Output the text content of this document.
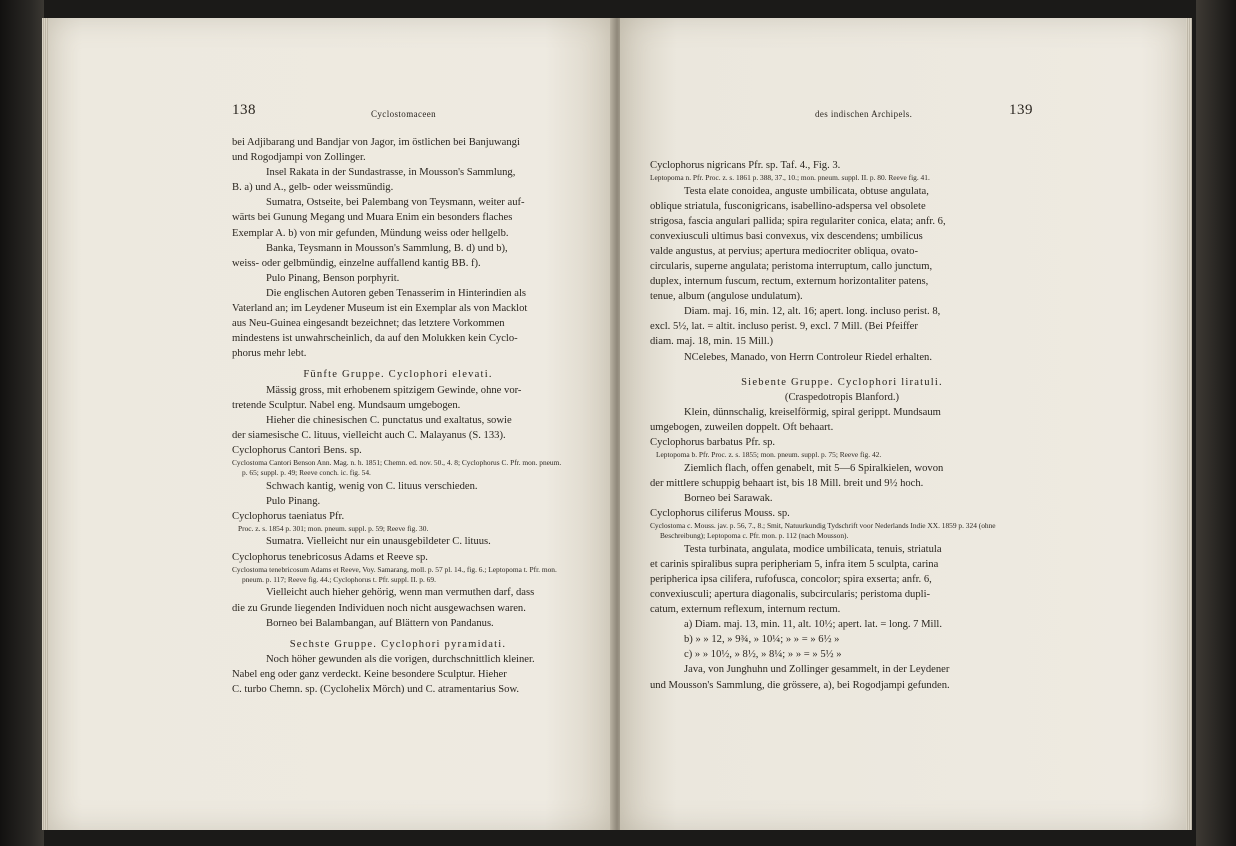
138	Cyclostomaceen

bei Adjibarang und Bandjar von Jagor, im östlichen bei Banjuwangi

und Rogodjampi von Zollinger.

Insel Rakata in der Sundastrasse, in Mousson's Sammlung,

B. a) und A., gelb- oder weissmündig.

Sumatra, Ostseite, bei Palembang von Teysmann, weiter auf-

wärts bei Gunung Megang und Muara Enim ein besonders flaches

Exemplar A. b) von mir gefunden, Mündung weiss oder hellgelb.

Banka, Teysmann in Mousson's Sammlung, B. d) und b),

weiss- oder gelbmündig, einzelne auffallend kantig BB. f).

Pulo Pinang, Benson porphyrit.

Die englischen Autoren geben Tenasserim in Hinterindien als

Vaterland an; im Leydener Museum ist ein Exemplar als von Macklot

aus Neu-Guinea eingesandt bezeichnet; das letztere Vorkommen

mindestens ist unwahrscheinlich, da auf den Molukken kein Cyclo-

phorus mehr lebt.

Fünfte Gruppe. Cyclophori elevati.

Mässig gross, mit erhobenem spitzigem Gewinde, ohne vor-

tretende Sculptur. Nabel eng. Mundsaum umgebogen.

Hieher die chinesischen C. punctatus und exaltatus, sowie

der siamesische C. lituus, vielleicht auch C. Malayanus (S. 133).

Cyclophorus Cantori Bens. sp.

Cyclostoma Cantori Benson Ann. Mag. n. h. 1851; Chemn. ed. nov. 50., 4. 8; Cyclophorus C. Pfr. mon. pneum. p. 65; suppl. p. 49; Reeve conch. ic. fig. 54.

Schwach kantig, wenig von C. lituus verschieden.

Pulo Pinang.

Cyclophorus taeniatus Pfr.

Proc. z. s. 1854 p. 301; mon. pneum. suppl. p. 59; Reeve fig. 30.

Sumatra. Vielleicht nur ein unausgebildeter C. lituus.

Cyclophorus tenebricosus Adams et Reeve sp.

Cyclostoma tenebricosum Adams et Reeve, Voy. Samarang, moll. p. 57 pl. 14., fig. 6.; Leptopoma t. Pfr. mon. pneum. p. 117; Reeve fig. 44.; Cyclophorus t. Pfr. suppl. II. p. 69.

Vielleicht auch hieher gehörig, wenn man vermuthen darf, dass

die zu Grunde liegenden Individuen noch nicht ausgewachsen waren.

Borneo bei Balambangan, auf Blättern von Pandanus.

Sechste Gruppe. Cyclophori pyramidati.

Noch höher gewunden als die vorigen, durchschnittlich kleiner.

Nabel eng oder ganz verdeckt. Keine besondere Sculptur. Hieher

C. turbo Chemn. sp. (Cyclohelix Mörch) und C. atramentarius Sow.

des indischen Archipels.	139

Cyclophorus nigricans Pfr. sp. Taf. 4., Fig. 3.

Leptopoma n. Pfr. Proc. z. s. 1861 p. 388, 37., 10.; mon. pneum. suppl. II. p. 80. Reeve fig. 41.

Testa elate conoidea, anguste umbilicata, obtuse angulata,

oblique striatula, fusconigricans, isabellino-adspersa vel obsolete

strigosa, fascia angulari pallida; spira regulariter conica, elata; anfr. 6,

convexiusculi ultimus basi convexus, vix descendens; umbilicus

valde angustus, at pervius; apertura mediocriter obliqua, ovato-

circularis, superne angulata; peristoma interruptum, callo junctum,

duplex, internum fuscum, rectum, externum horizontaliter patens,

tenue, album (angulose undulatum).

Diam. maj. 16, min. 12, alt. 16; apert. long. incluso perist. 8,

excl. 5½, lat. = altit. incluso perist. 9, excl. 7 Mill. (Bei Pfeiffer

diam. maj. 18, min. 15 Mill.)

NCelebes, Manado, von Herrn Controleur Riedel erhalten.

Siebente Gruppe. Cyclophori liratuli.

(Craspedotropis Blanford.)

Klein, dünnschalig, kreiselförmig, spiral gerippt. Mundsaum

umgebogen, zuweilen doppelt. Oft behaart.

Cyclophorus barbatus Pfr. sp.

Leptopoma b. Pfr. Proc. z. s. 1855; mon. pneum. suppl. p. 75; Reeve fig. 42.

Ziemlich flach, offen genabelt, mit 5—6 Spiralkielen, wovon

der mittlere schuppig behaart ist, bis 18 Mill. breit und 9½ hoch.

Borneo bei Sarawak.

Cyclophorus ciliferus Mouss. sp.

Cyclostoma c. Mouss. jav. p. 56, 7., 8.; Smit, Natuurkundig Tydschrift voor Nederlands Indie XX. 1859 p. 324 (ohne Beschreibung); Leptopoma c. Pfr. mon. p. 112 (nach Mousson).

Testa turbinata, angulata, modice umbilicata, tenuis, striatula

et carinis spiralibus supra peripheriam 5, infra item 5 sculpta, carina

peripherica ipsa cilifera, rufofusca, concolor; spira exserta; anfr. 6,

convexiusculi; apertura diagonalis, subcircularis; peristoma dupli-

catum, externum reflexum, internum rectum.

a) Diam. maj. 13, min. 11, alt. 10½; apert. lat. = long. 7 Mill.

b) » » 12, » 9¾, » 10¼; » » = » 6½ »

c) » » 10½, » 8½, » 8¼; » » = » 5½ »

Java, von Junghuhn und Zollinger gesammelt, in der Leydener

und Mousson's Sammlung, die grössere, a), bei Rogodjampi gefunden.
